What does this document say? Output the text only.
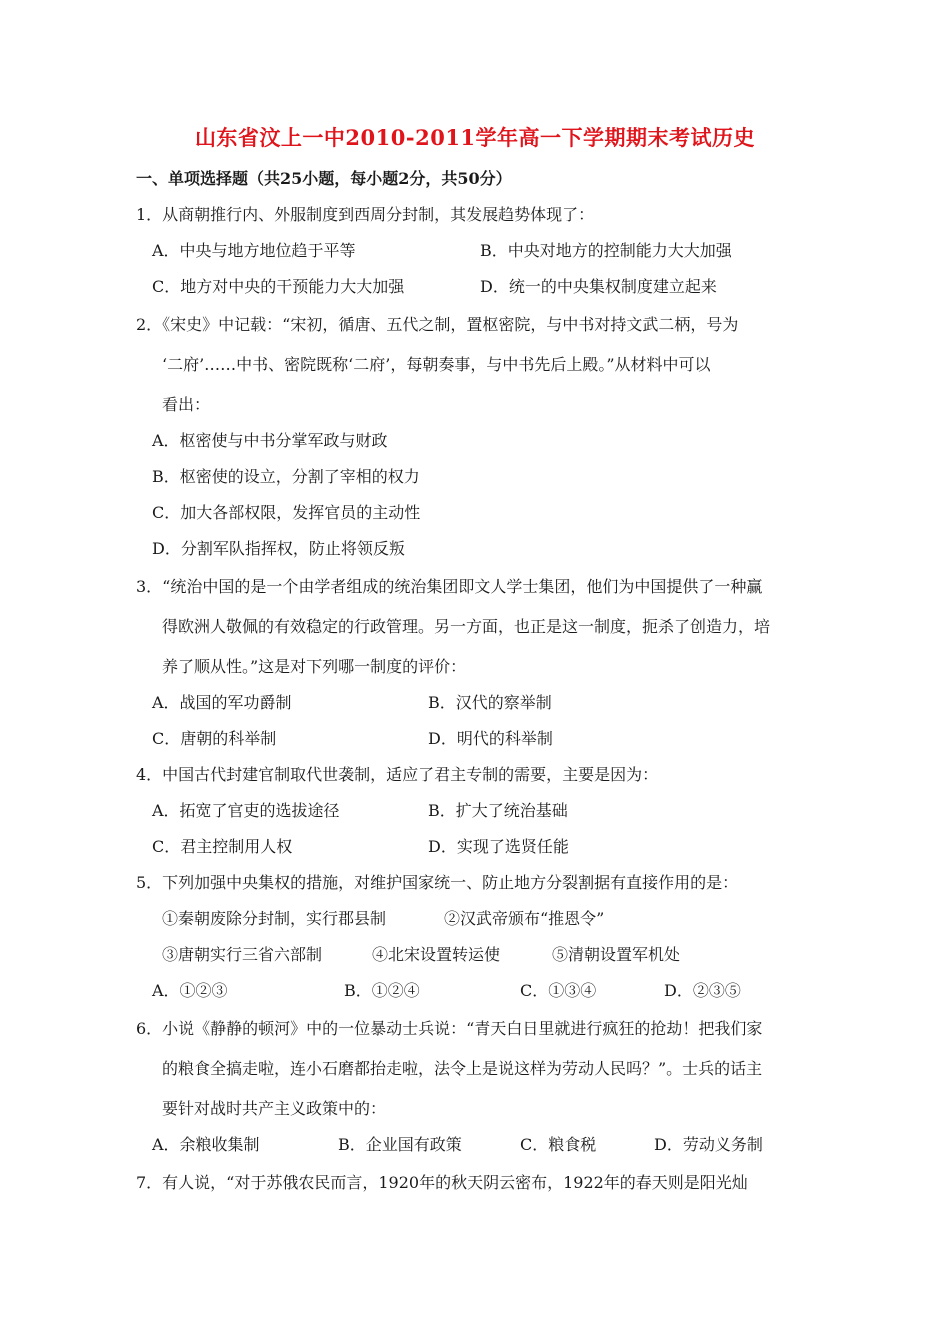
山东省汶上一中2010-2011学年高一下学期期末考试历史
一、单项选择题（共25小题，每小题2分，共50分）
1．从商朝推行内、外服制度到西周分封制，其发展趋势体现了：
A．中央与地方地位趋于平等	B．中央对地方的控制能力大大加强
C．地方对中央的干预能力大大加强	D．统一的中央集权制度建立起来
2．《宋史》中记载：“宋初，循唐、五代之制，置枢密院，与中书对持文武二柄，号为
‘二府’……中书、密院既称‘二府’，每朝奏事，与中书先后上殿。”从材料中可以
看出：
A．枢密使与中书分掌军政与财政
B．枢密使的设立，分割了宰相的权力
C．加大各部权限，发挥官员的主动性
D．分割军队指挥权，防止将领反叛
3．“统治中国的是一个由学者组成的统治集团即文人学士集团，他们为中国提供了一种赢
得欧洲人敬佩的有效稳定的行政管理。另一方面，也正是这一制度，扼杀了创造力，培
养了顺从性。”这是对下列哪一制度的评价：
A．战国的军功爵制	B．汉代的察举制
C．唐朝的科举制	D．明代的科举制
4．中国古代封建官制取代世袭制，适应了君主专制的需要，主要是因为：
A．拓宽了官吏的选拔途径	B．扩大了统治基础
C．君主控制用人权	D．实现了选贤任能
5．下列加强中央集权的措施，对维护国家统一、防止地方分裂割据有直接作用的是：
①秦朝废除分封制，实行郡县制	②汉武帝颁布“推恩令”
③唐朝实行三省六部制	④北宋设置转运使	⑤清朝设置军机处
A．①②③	B．①②④	C．①③④	D．②③⑤
6．小说《静静的顿河》中的一位暴动士兵说：“青天白日里就进行疯狂的抢劫！把我们家
的粮食全搞走啦，连小石磨都抬走啦，法令上是说这样为劳动人民吗？”。士兵的话主
要针对战时共产主义政策中的：
A．余粮收集制	B．企业国有政策	C．粮食税	D．劳动义务制
7．有人说，“对于苏俄农民而言，1920年的秋天阴云密布，1922年的春天则是阳光灿
